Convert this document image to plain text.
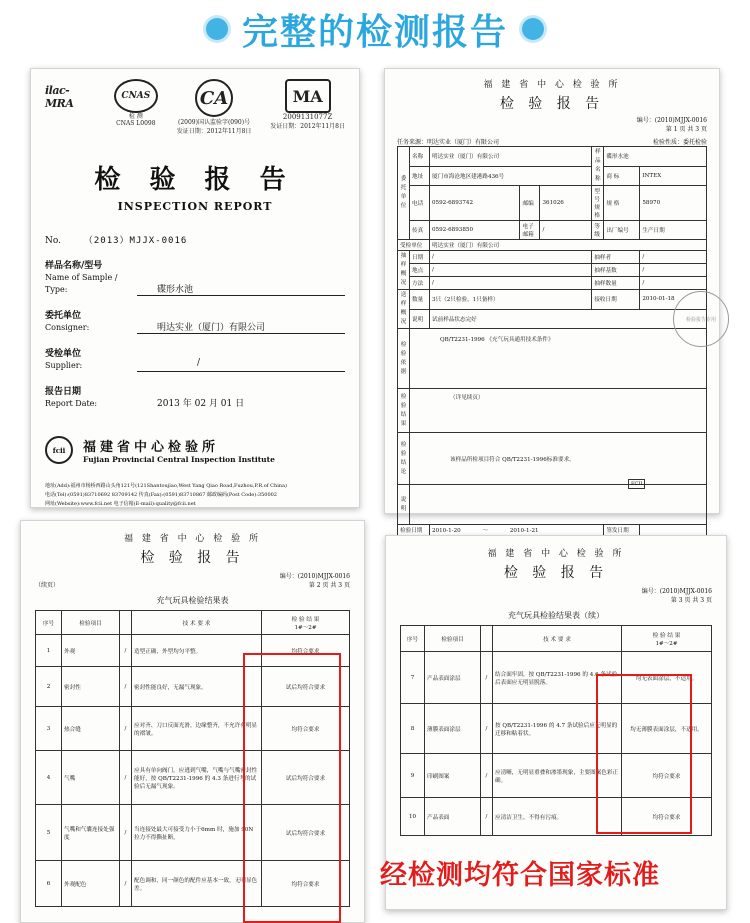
完整的检测报告
ilac-MRA
CNAS
检 测
CNAS L0098
CA
(2009)国认监验字(090)号
发证日期：2012年11月8日
MA
2009131077Z
发证日期：2012年11月8日
检 验 报 告
INSPECTION REPORT
No.	（2013）MJJX-0016
样品名称/型号
Name of Sample / Type:	碟形水池
委托单位
Consigner:	明达实业（厦门）有限公司
受检单位
Supplier:	/
报告日期
Report Date:	2013 年 02 月 01 日
fcii	福建省中心检验所
Fujian Provincial Central Inspection Institute
地址(Add):福州市杨桥西路山头角121号(121Shantoujiao,West Yang Qiao Road,Fuzhou,P.R.of China)
电话(Tel):(0591)83710692 83709142 传真(Fax):(0591)83710867 邮政编码(Post Code):350002
网址(Website):www.fcii.net 电子信箱(E-mail):quality@fcii.net
福 建 省 中 心 检 验 所
检 验 报 告
编号：(2010)MJJX-0016
第 1 页 共 3 页
任务来源：明达实业（厦门）有限公司	检验性质：委托检验
委 托 单 位	名称	明达实业（厦门）有限公司			样 品 名 称	碟形水池	
	地址	厦门市海沧地区建港路436号				商 标	INTEX
	电话	0592-6893742	邮编	361026	型 号 规 格	规 格	58970
	传真	0592-6893850	电子邮箱	/	等 级	出厂编号	生产日期
受检单位		明达实业（厦门）有限公司					
抽样概况	日期	/			抽样者		/
	地点	/			抽样基数		/
	方法	/			抽样数量		/
送样概况	数量	3只（2只检验，1只备样）			接收日期		2010-01-18
	说明	试前样品状态完好					
检 验 依 据	QB/T2231-1996 《充气玩具通用技术条件》						
检 验 结 果	（详见续页）						
检 验 结 论	该样品所检项目符合 QB/T2231-1996标准要求。						
说 明							
检验日期		2010-1-20 ～ 2010-1-21				签发日期	
FCII
检验报告专用
福 建 省 中 心 检 验 所
检 验 报 告
编号：(2010)MJJX-0016
（续页）	第 2 页 共 3 页
充气玩具检验结果表
序号	检验项目		技 术 要 求	检 验 结 果
1#～2#
1	外观	/	造型正确，外型均匀平整。	均符合要求
2	密封性	/	密封性能良好，无漏气现象。	试后均符合要求
3	热合缝	/	应对齐、刀口反面光滑，边缘整齐，不允许有明显的褶皱。	均符合要求
4	气嘴	/	应具有单向阀门，应逃到气嘴，气嘴与气嘴密封性能好，按 QB/T2231-1996 的 4.3 条进行考的试验后无漏气现象。	试后均符合要求
5	气嘴和气囊连接处强度	/	当连接处最大可接受力小于6mm 时，施加 90N 拉力不得撕扯断。	试后均符合要求
6	外观配色	/	配色调和，同一颜色的配件应基本一致，无明显色差。	均符合要求
福 建 省 中 心 检 验 所
检 验 报 告
编号：(2010)MJJX-0016
第 3 页 共 3 页
充气玩具检验结果表（续）
序号	检验项目		技 术 要 求	检 验 结 果
1#～2#
7	产品表面涂层	/	结合面牢固，按 QB/T2231-1996 的 4.6 条试验后表面应无明显脱落。	均无表面涂层，不适用。
8	薄膜表面涂层	/	按 QB/T2231-1996 的 4.7 条试验后应无明显的迁移和粘着状。	均无薄膜表面涂层，不适用。
9	印刷图案	/	应清晰，无明显重叠和渗墨现象，主要图案色彩正确。	均符合要求
10	产品表面	/	应清洁卫生，不得有污痕。	均符合要求
经检测均符合国家标准
